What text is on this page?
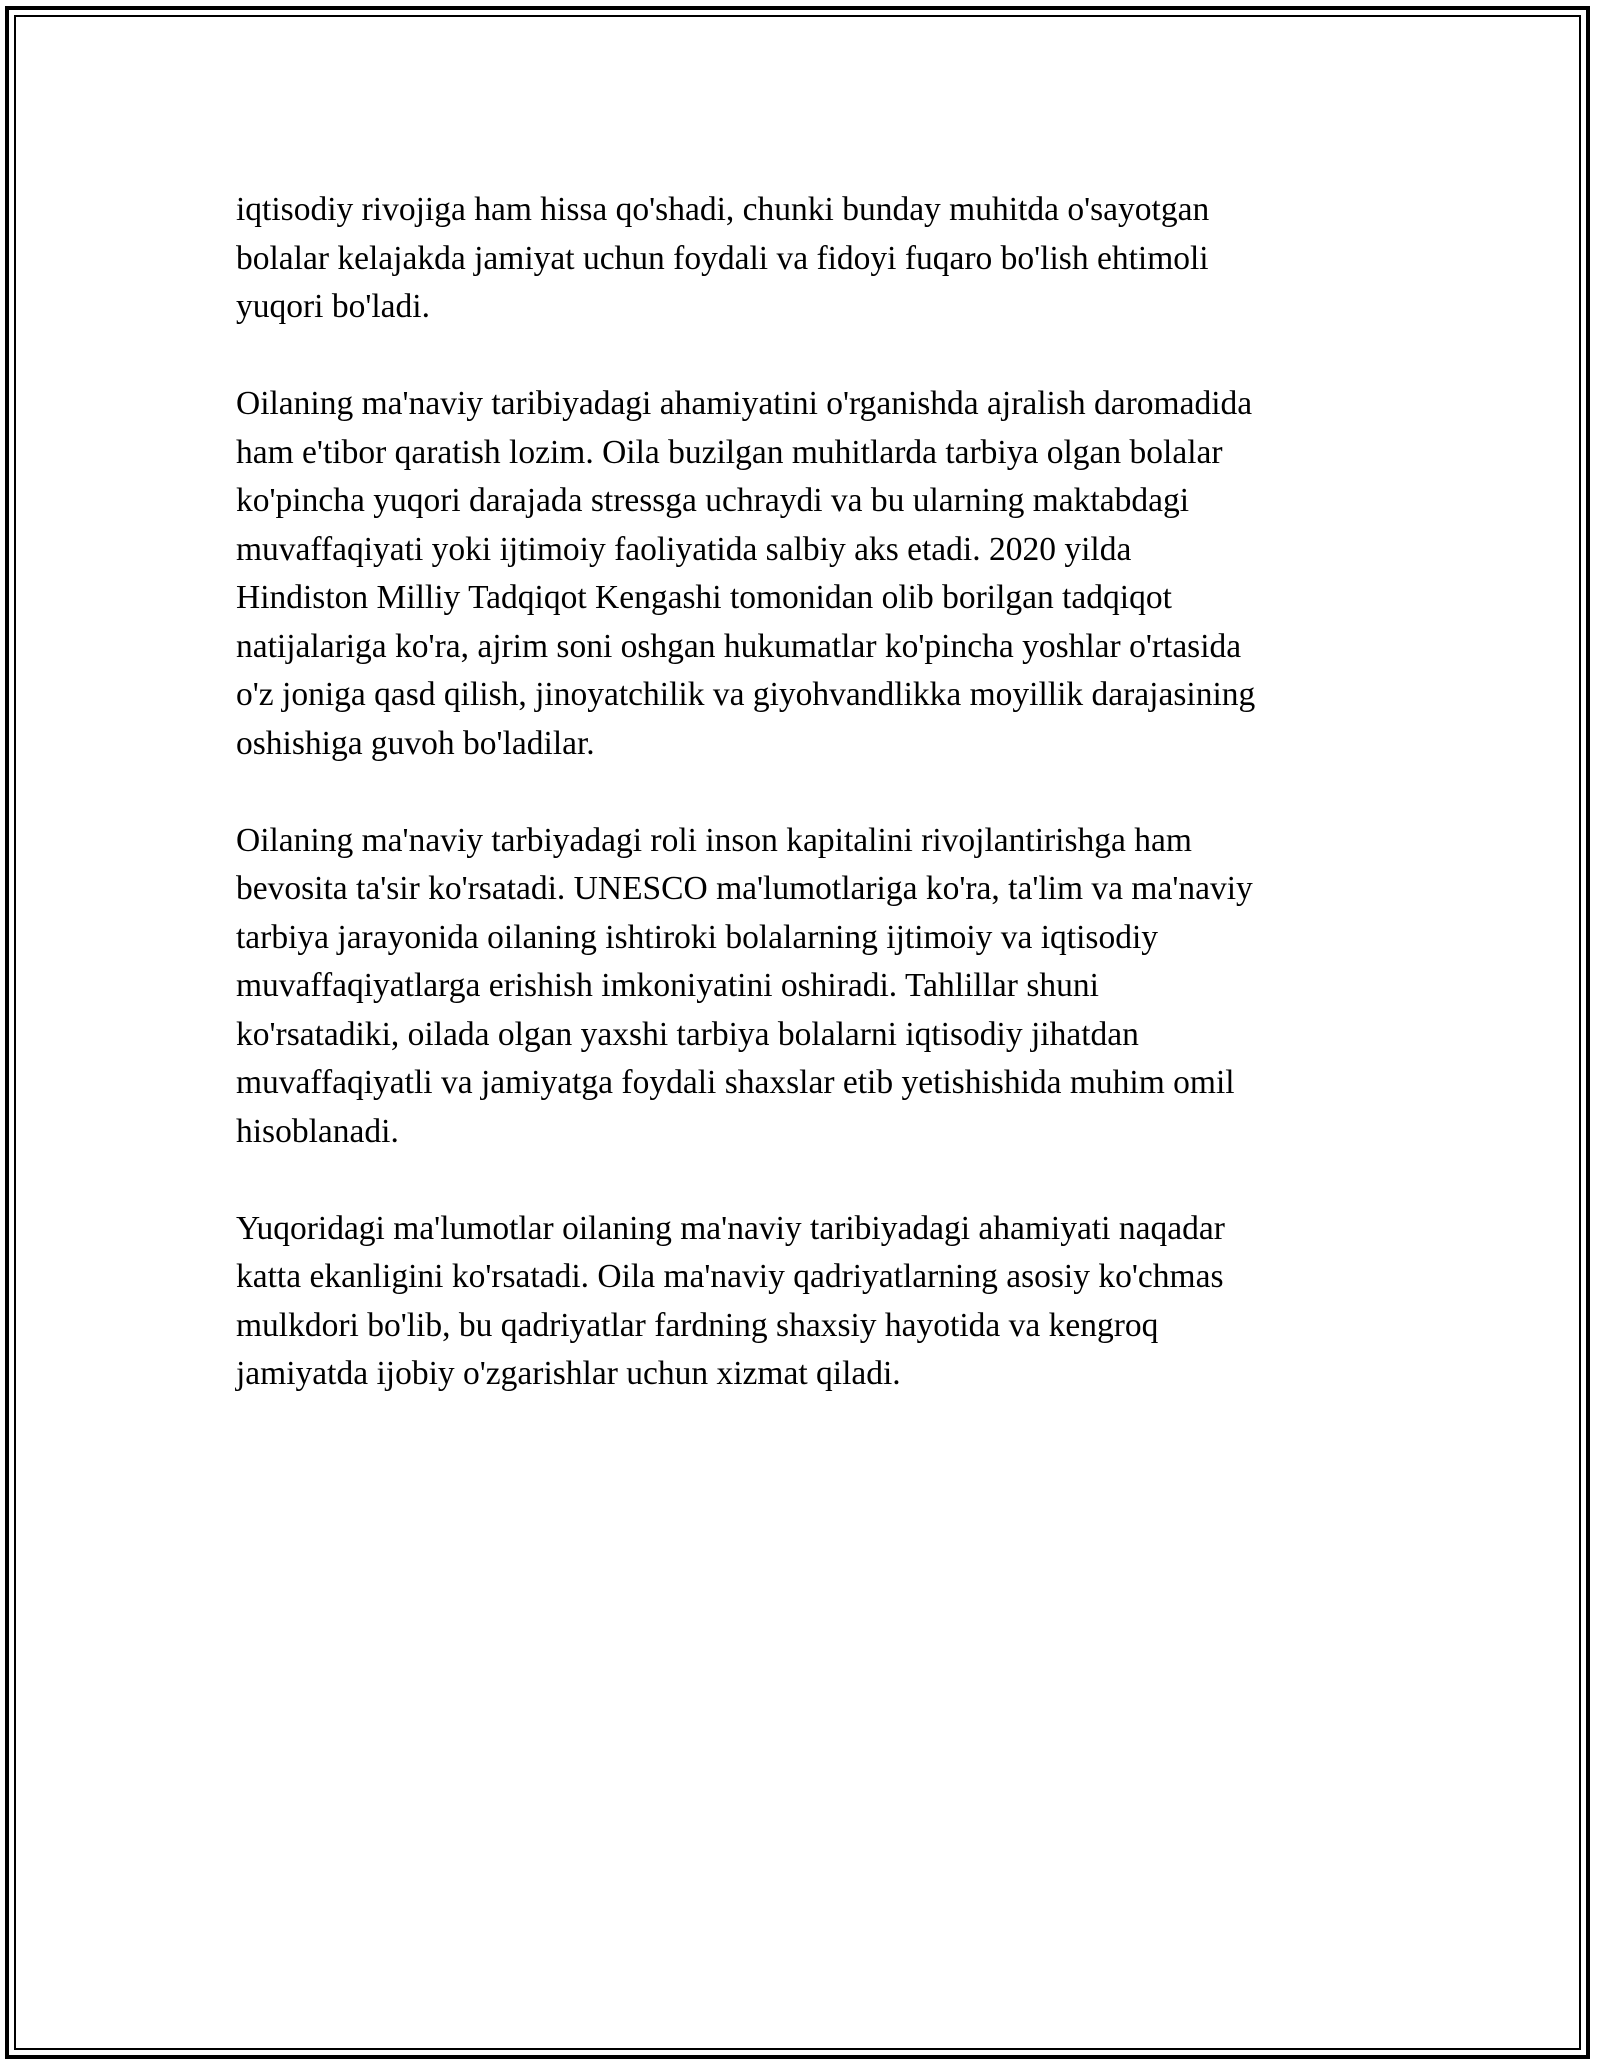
iqtisodiy rivojiga ham hissa qo'shadi, chunki bunday muhitda o'sayotgan
bolalar kelajakda jamiyat uchun foydali va fidoyi fuqaro bo'lish ehtimoli
yuqori bo'ladi.

Oilaning ma'naviy taribiyadagi ahamiyatini o'rganishda ajralish daromadida
ham e'tibor qaratish lozim. Oila buzilgan muhitlarda tarbiya olgan bolalar
ko'pincha yuqori darajada stressga uchraydi va bu ularning maktabdagi
muvaffaqiyati yoki ijtimoiy faoliyatida salbiy aks etadi. 2020 yilda
Hindiston Milliy Tadqiqot Kengashi tomonidan olib borilgan tadqiqot
natijalariga ko'ra, ajrim soni oshgan hukumatlar ko'pincha yoshlar o'rtasida
o'z joniga qasd qilish, jinoyatchilik va giyohvandlikka moyillik darajasining
oshishiga guvoh bo'ladilar.

Oilaning ma'naviy tarbiyadagi roli inson kapitalini rivojlantirishga ham
bevosita ta'sir ko'rsatadi. UNESCO ma'lumotlariga ko'ra, ta'lim va ma'naviy
tarbiya jarayonida oilaning ishtiroki bolalarning ijtimoiy va iqtisodiy
muvaffaqiyatlarga erishish imkoniyatini oshiradi. Tahlillar shuni
ko'rsatadiki, oilada olgan yaxshi tarbiya bolalarni iqtisodiy jihatdan
muvaffaqiyatli va jamiyatga foydali shaxslar etib yetishishida muhim omil
hisoblanadi.

Yuqoridagi ma'lumotlar oilaning ma'naviy taribiyadagi ahamiyati naqadar
katta ekanligini ko'rsatadi. Oila ma'naviy qadriyatlarning asosiy ko'chmas
mulkdori bo'lib, bu qadriyatlar fardning shaxsiy hayotida va kengroq
jamiyatda ijobiy o'zgarishlar uchun xizmat qiladi.
